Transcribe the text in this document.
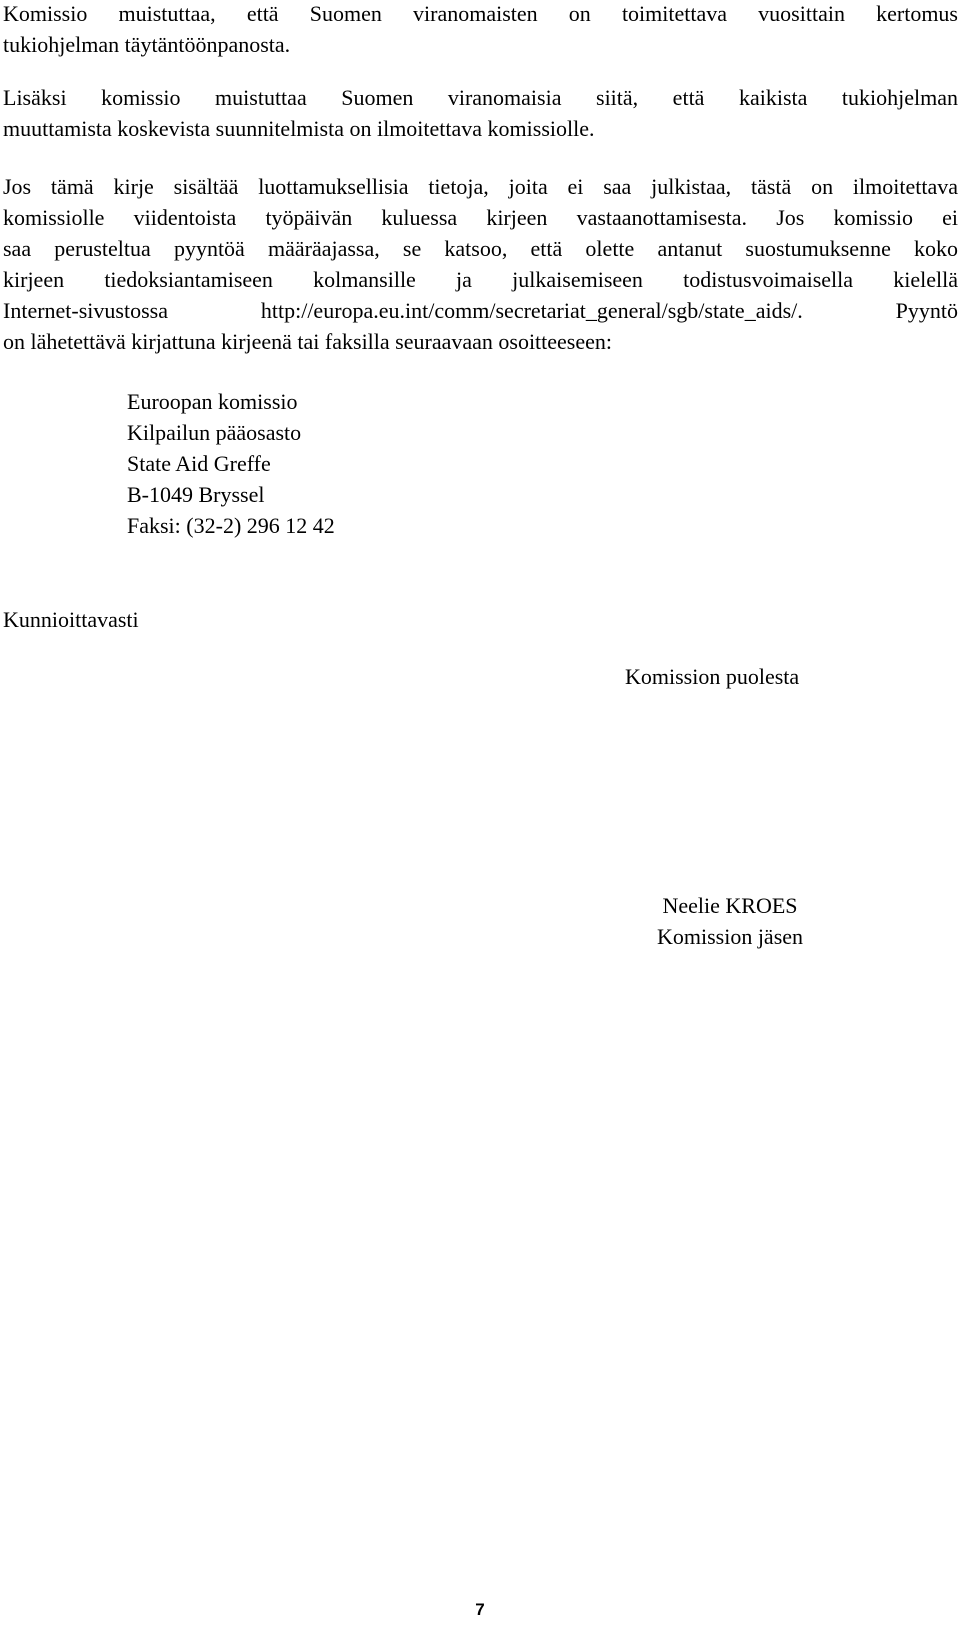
Komissio muistuttaa, että Suomen viranomaisten on toimitettava vuosittain kertomus
tukiohjelman täytäntöönpanosta.

Lisäksi komissio muistuttaa Suomen viranomaisia siitä, että kaikista tukiohjelman
muuttamista koskevista suunnitelmista on ilmoitettava komissiolle.

Jos tämä kirje sisältää luottamuksellisia tietoja, joita ei saa julkistaa, tästä on ilmoitettava
komissiolle viidentoista työpäivän kuluessa kirjeen vastaanottamisesta. Jos komissio ei
saa perusteltua pyyntöä määräajassa, se katsoo, että olette antanut suostumuksenne koko
kirjeen tiedoksiantamiseen kolmansille ja julkaisemiseen todistusvoimaisella kielellä
Internet-sivustossa http://europa.eu.int/comm/secretariat_general/sgb/state_aids/. Pyyntö
on lähetettävä kirjattuna kirjeenä tai faksilla seuraavaan osoitteeseen:

Euroopan komissio
Kilpailun pääosasto
State Aid Greffe
B-1049 Bryssel
Faksi: (32-2) 296 12 42
Kunnioittavasti
Komission puolesta
Neelie KROES
Komission jäsen
7
